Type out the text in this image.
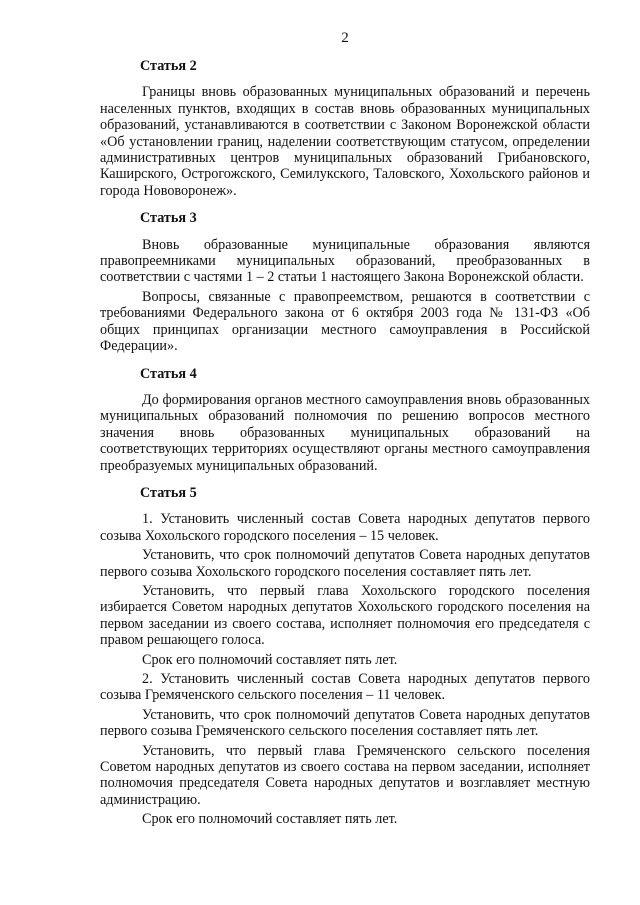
2
Статья 2

Границы вновь образованных муниципальных образований и перечень населенных пунктов, входящих в состав вновь образованных муниципальных образований, устанавливаются в соответствии с Законом Воронежской области «Об установлении границ, наделении соответствующим статусом, определении административных центров муниципальных образований Грибановского, Каширского, Острогожского, Семилукского, Таловского, Хохольского районов и города Нововоронеж».

Статья 3

Вновь образованные муниципальные образования являются правопреемниками муниципальных образований, преобразованных в соответствии с частями 1 – 2 статьи 1 настоящего Закона Воронежской области.

Вопросы, связанные с правопреемством, решаются в соответствии с требованиями Федерального закона от 6 октября 2003 года № 131-ФЗ «Об общих принципах организации местного самоуправления в Российской Федерации».

Статья 4

До формирования органов местного самоуправления вновь образованных муниципальных образований полномочия по решению вопросов местного значения вновь образованных муниципальных образований на соответствующих территориях осуществляют органы местного самоуправления преобразуемых муниципальных образований.

Статья 5

1. Установить численный состав Совета народных депутатов первого созыва Хохольского городского поселения – 15 человек.

Установить, что срок полномочий депутатов Совета народных депутатов первого созыва Хохольского городского поселения составляет пять лет.

Установить, что первый глава Хохольского городского поселения избирается Советом народных депутатов Хохольского городского поселения на первом заседании из своего состава, исполняет полномочия его председателя с правом решающего голоса.

Срок его полномочий составляет пять лет.

2. Установить численный состав Совета народных депутатов первого созыва Гремяченского сельского поселения – 11 человек.

Установить, что срок полномочий депутатов Совета народных депутатов первого созыва Гремяченского сельского поселения составляет пять лет.

Установить, что первый глава Гремяченского сельского поселения Советом народных депутатов из своего состава на первом заседании, исполняет полномочия председателя Совета народных депутатов и возглавляет местную администрацию.

Срок его полномочий составляет пять лет.
